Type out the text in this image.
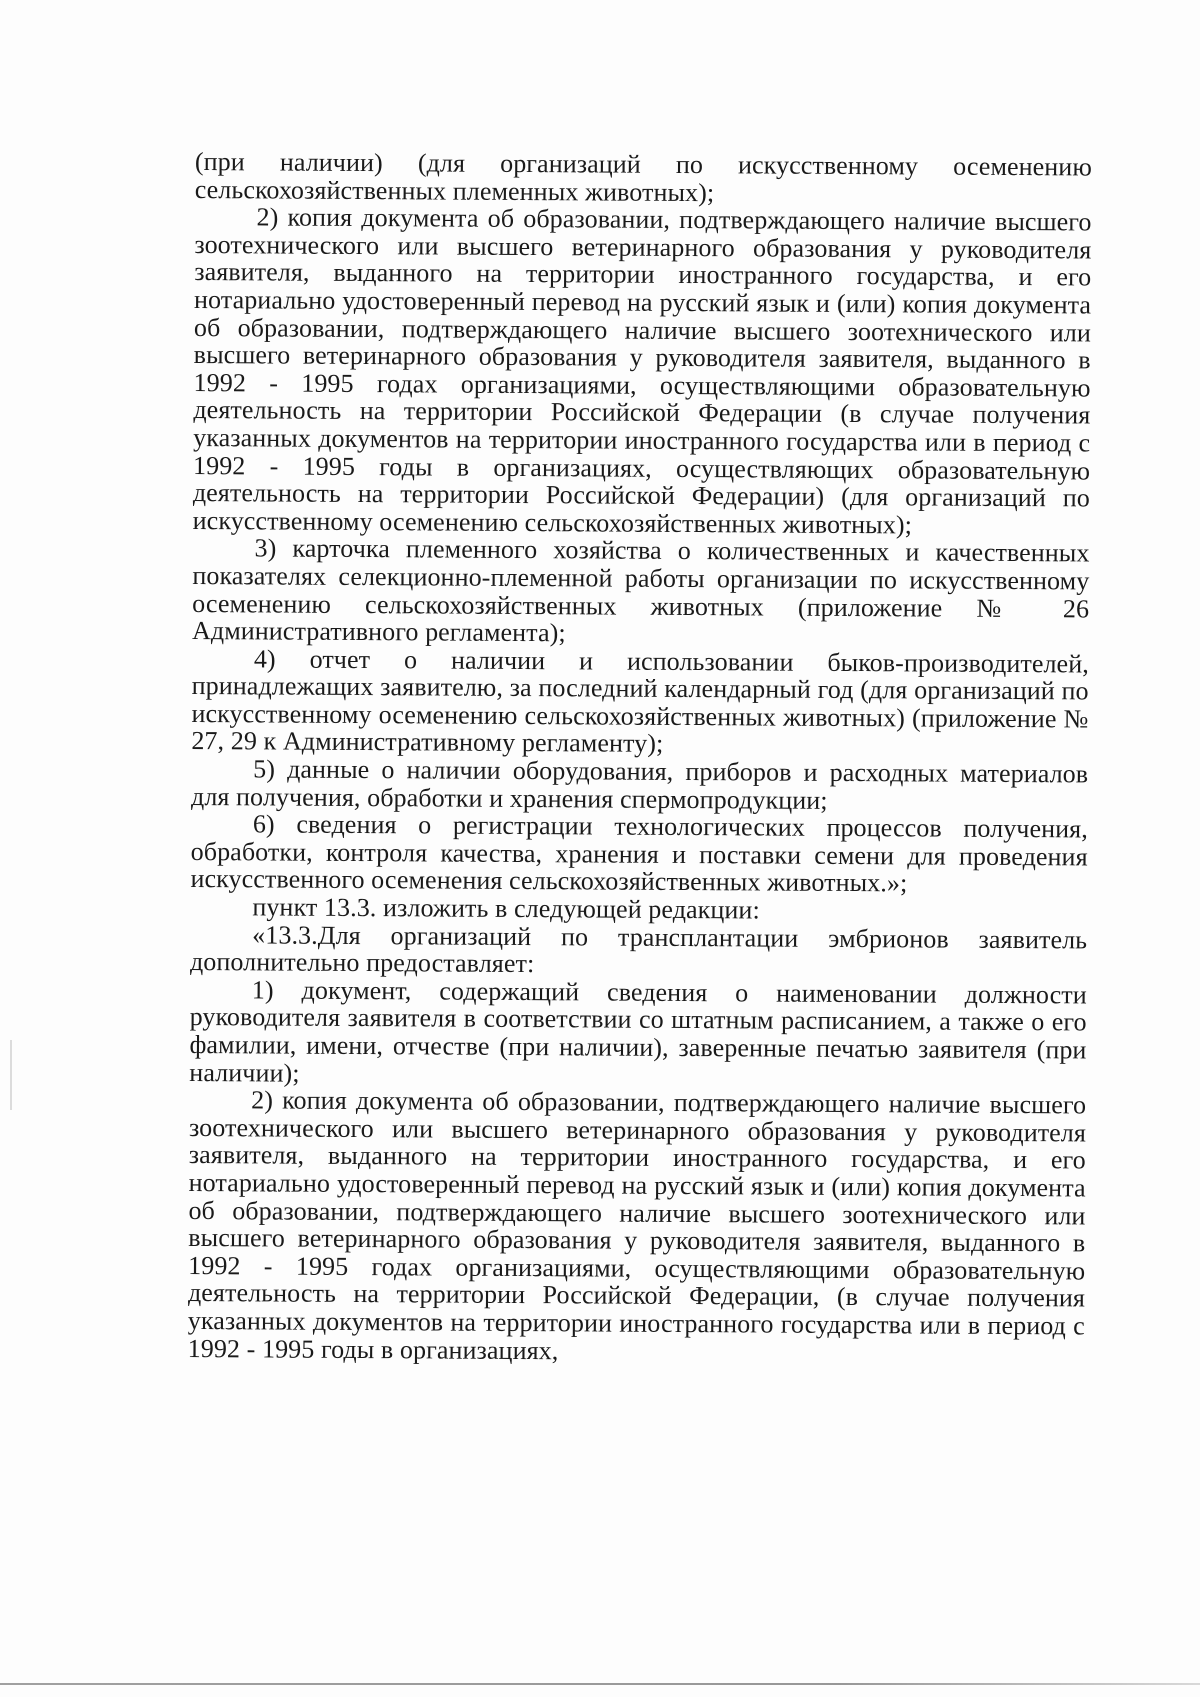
(при наличии) (для организаций по искусственному осеменению сельскохозяйственных племенных животных);

2) копия документа об образовании, подтверждающего наличие высшего зоотехнического или высшего ветеринарного образования у руководителя заявителя, выданного на территории иностранного государства, и его нотариально удостоверенный перевод на русский язык и (или) копия документа об образовании, подтверждающего наличие высшего зоотехнического или высшего ветеринарного образования у руководителя заявителя, выданного в 1992 - 1995 годах организациями, осуществляющими образовательную деятельность на территории Российской Федерации (в случае получения указанных документов на территории иностранного государства или в период с 1992 - 1995 годы в организациях, осуществляющих образовательную деятельность на территории Российской Федерации) (для организаций по искусственному осеменению сельскохозяйственных животных);

3) карточка племенного хозяйства о количественных и качественных показателях селекционно-племенной работы организации по искусственному осеменению сельскохозяйственных животных (приложение № 26 Административного регламента);

4) отчет о наличии и использовании быков-производителей, принадлежащих заявителю, за последний календарный год (для организаций по искусственному осеменению сельскохозяйственных животных) (приложение № 27, 29 к Административному регламенту);

5) данные о наличии оборудования, приборов и расходных материалов для получения, обработки и хранения спермопродукции;

6) сведения о регистрации технологических процессов получения, обработки, контроля качества, хранения и поставки семени для проведения искусственного осеменения сельскохозяйственных животных.»;

пункт 13.3. изложить в следующей редакции:

«13.3.Для организаций по трансплантации эмбрионов заявитель дополнительно предоставляет:

1) документ, содержащий сведения о наименовании должности руководителя заявителя в соответствии со штатным расписанием, а также о его фамилии, имени, отчестве (при наличии), заверенные печатью заявителя (при наличии);

2) копия документа об образовании, подтверждающего наличие высшего зоотехнического или высшего ветеринарного образования у руководителя заявителя, выданного на территории иностранного государства, и его нотариально удостоверенный перевод на русский язык и (или) копия документа об образовании, подтверждающего наличие высшего зоотехнического или высшего ветеринарного образования у руководителя заявителя, выданного в 1992 - 1995 годах организациями, осуществляющими образовательную деятельность на территории Российской Федерации, (в случае получения указанных документов на территории иностранного государства или в период с 1992 - 1995 годы в организациях,
